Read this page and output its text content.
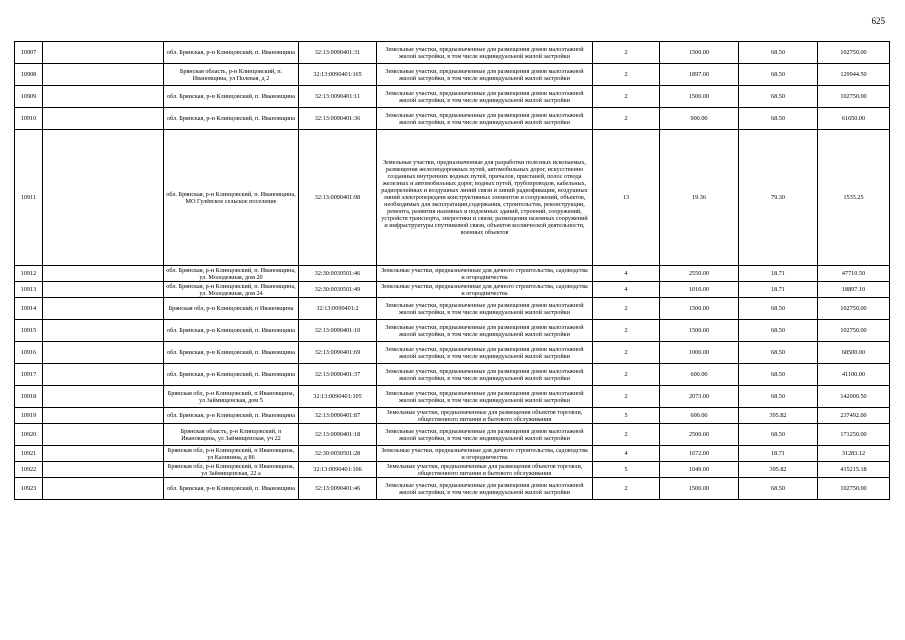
625
10907		обл. Брянская, р-н Клинцовский, п. Ивановщина	32:13:0090401:31	Земельные участки, предназначенные для размещения домов малоэтажной жилой застройки, в том числе индивидуальной жилой застройки	2	1500.00	68.50	102750.00
10908		Брянская область, р-н Клинцовский, п. Ивановщина, ул Полевая, д 2	32:13:0090401:165	Земельные участки, предназначенные для размещения домов малоэтажной жилой застройки, в том числе индивидуальной жилой застройки	2	1897.00	68.50	129944.50
10909		обл. Брянская, р-н Клинцовский, п. Ивановщина	32:13:0090401:11	Земельные участки, предназначенные для размещения домов малоэтажной жилой застройки, в том числе индивидуальной жилой застройки	2	1500.00	68.50	102750.00
10910		обл. Брянская, р-н Клинцовский, п. Ивановщина	32:13:0090401:36	Земельные участки, предназначенные для размещения домов малоэтажной жилой застройки, в том числе индивидуальной жилой застройки	2	900.00	68.50	61650.00
10911		обл. Брянская, р-н Клинцовский, п. Ивановщина, МО Гулёвское сельское поселение	32:13:0090401:98	Земельные участки, предназначенные для разработки полезных ископаемых, размещения железнодорожных путей, автомобильных дорог, искусственно созданных внутренних водных путей, причалов, пристаней, полос отвода железных и автомобильных дорог, водных путей, трубопроводов, кабельных, радиорелейных и воздушных линий связи и линий радиофикации, воздушных линий электропередачи конструктивных элементов и сооружений, объектов, необходимых для эксплуатации,содержания, строительства, реконструкции, ремонта, развития наземных и подземных зданий, строений, сооружений, устройств транспорта, энергетики и связи; размещения наземных сооружений и инфраструктуры спутниковой связи, объектов космической деятельности, военных объектов	13	19.36	79.30	1535.25
10912		обл. Брянская, р-н Клинцовский, п. Ивановщина, ул. Молодежная, дом 20	32:30:0030501:46	Земельные участки, предназначенные для дачного строительства, садоводства и огородничества	4	2550.00	18.71	47710.50
10913		обл. Брянская, р-н Клинцовский, п. Ивановщина, ул. Молодежная, дом 24	32:30:0030501:49	Земельные участки, предназначенные для дачного строительства, садоводства и огородничества	4	1010.00	18.71	18897.10
10914		Брянская обл, р-н Клинцовский, п Ивановщина	32:13:0090401:2	Земельные участки, предназначенные для размещения домов малоэтажной жилой застройки, в том числе индивидуальной жилой застройки	2	1500.00	68.50	102750.00
10915		обл. Брянская, р-н Клинцовский, п. Ивановщина	32:13:0090401:10	Земельные участки, предназначенные для размещения домов малоэтажной жилой застройки, в том числе индивидуальной жилой застройки	2	1500.00	68.50	102750.00
10916		обл. Брянская, р-н Клинцовский, п. Ивановщина	32:13:0090401:69	Земельные участки, предназначенные для размещения домов малоэтажной жилой застройки, в том числе индивидуальной жилой застройки	2	1000.00	68.50	68500.00
10917		обл. Брянская, р-н Клинцовский, п. Ивановщина	32:13:0090401:37	Земельные участки, предназначенные для размещения домов малоэтажной жилой застройки, в том числе индивидуальной жилой застройки	2	600.00	68.50	41100.00
10918		Брянская обл, р-н Клинцовский, п Ивановщина, ул Займищенская, дом 5	32:13:0090401:105	Земельные участки, предназначенные для размещения домов малоэтажной жилой застройки, в том числе индивидуальной жилой застройки	2	2073.00	68.50	142000.50
10919		обл. Брянская, р-н Клинцовский, п. Ивановщина	32:13:0090401:87	Земельные участки, предназначенные для размещения объектов торговли, общественного питания и бытового обслуживания	5	600.00	395.82	237492.00
10920		Брянская область, р-н Клинцовский, п Ивановщина, ул Займищенская, уч 22	32:13:0090401:18	Земельные участки, предназначенные для размещения домов малоэтажной жилой застройки, в том числе индивидуальной жилой застройки	2	2500.00	68.50	171250.00
10921		Брянская обл, р-н Клинцовский, п Ивановщина, ул Калинина, д 86	32:30:0030501:28	Земельные участки, предназначенные для дачного строительства, садоводства и огородничества	4	1672.00	18.71	31283.12
10922		Брянская обл, р-н Клинцовский, п Ивановщина, ул Займищенская, 22 а	32:13:0090401:106	Земельные участки, предназначенные для размещения объектов торговли, общественного питания и бытового обслуживания	5	1049.00	395.82	415215.18
10923		обл. Брянская, р-н Клинцовский, п. Ивановщина	32:13:0090401:46	Земельные участки, предназначенные для размещения домов малоэтажной жилой застройки, в том числе индивидуальной жилой застройки	2	1500.00	68.50	102750.00
